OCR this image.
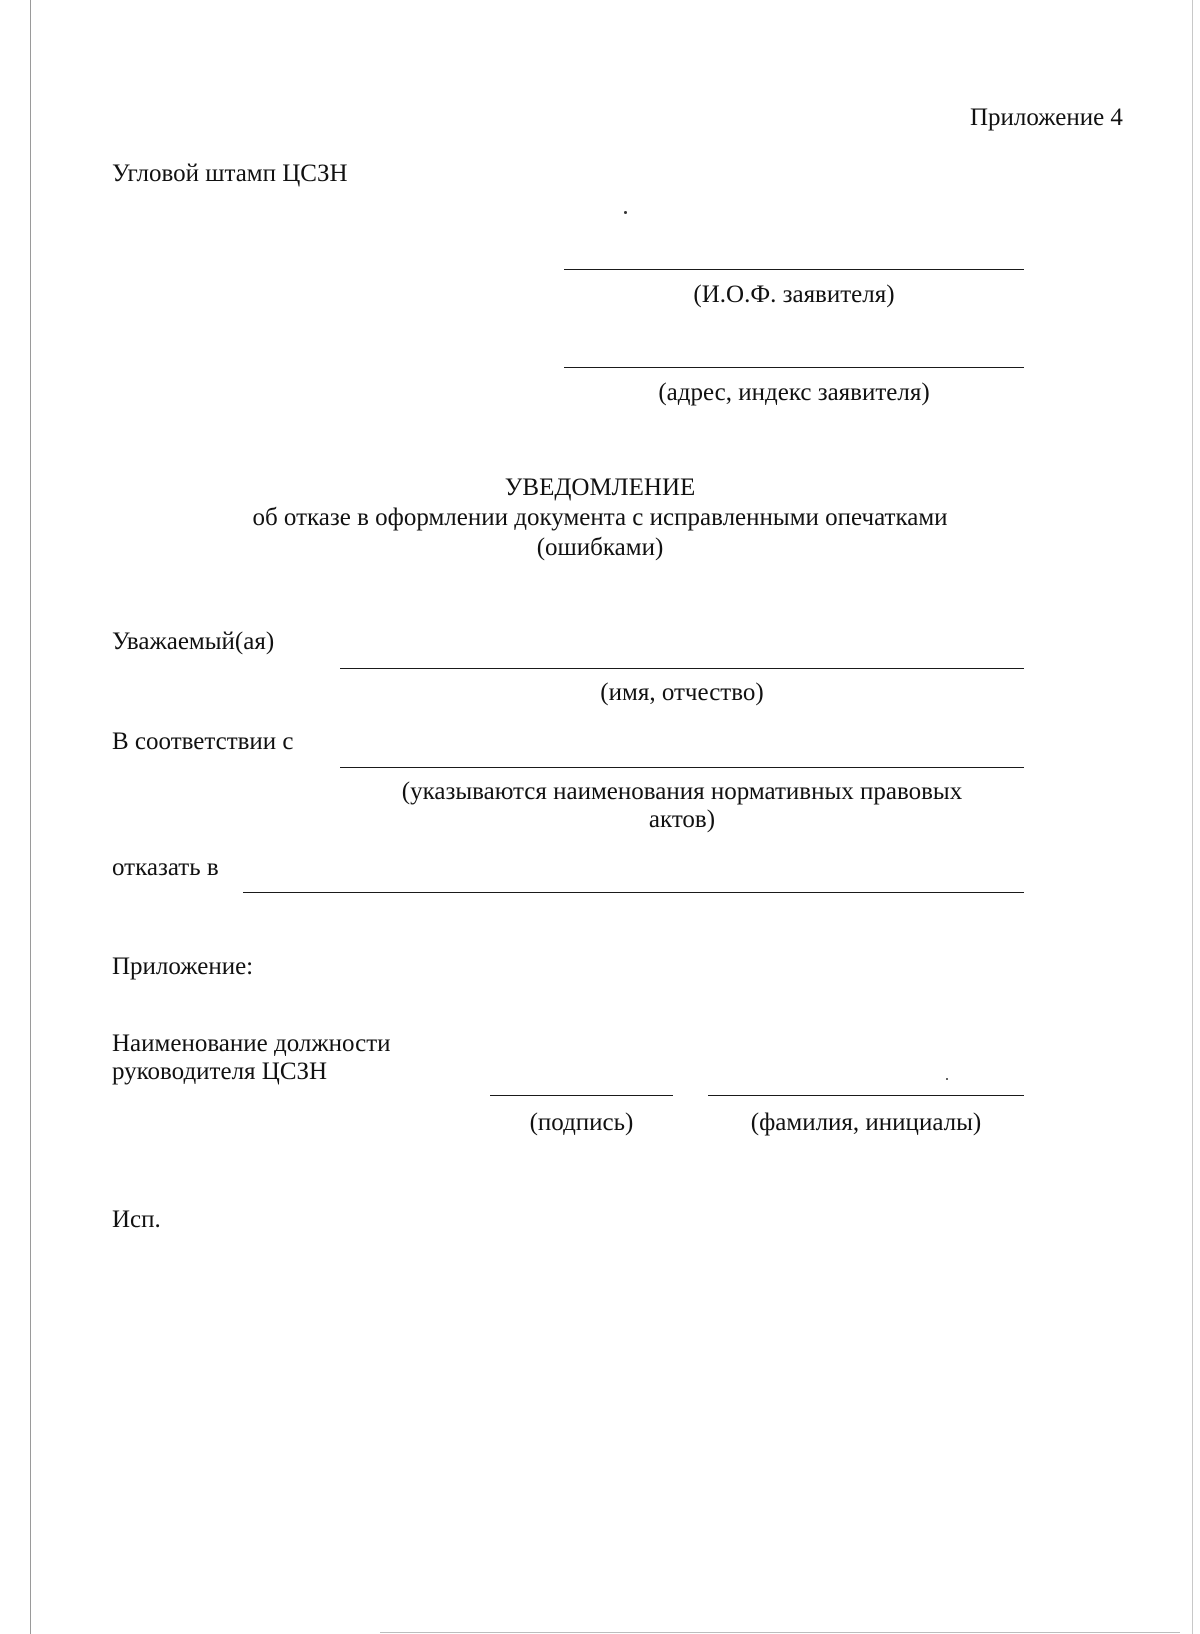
Приложение 4
Угловой штамп ЦСЗН
(И.О.Ф. заявителя)
(адрес, индекс заявителя)
УВЕДОМЛЕНИЕ
об отказе в оформлении документа с исправленными опечатками
(ошибками)
Уважаемый(ая)
(имя, отчество)
В соответствии с
(указываются наименования нормативных правовых
актов)
отказать в
Приложение:
Наименование должности
руководителя ЦСЗН
(подпись)	(фамилия, инициалы)
Исп.
